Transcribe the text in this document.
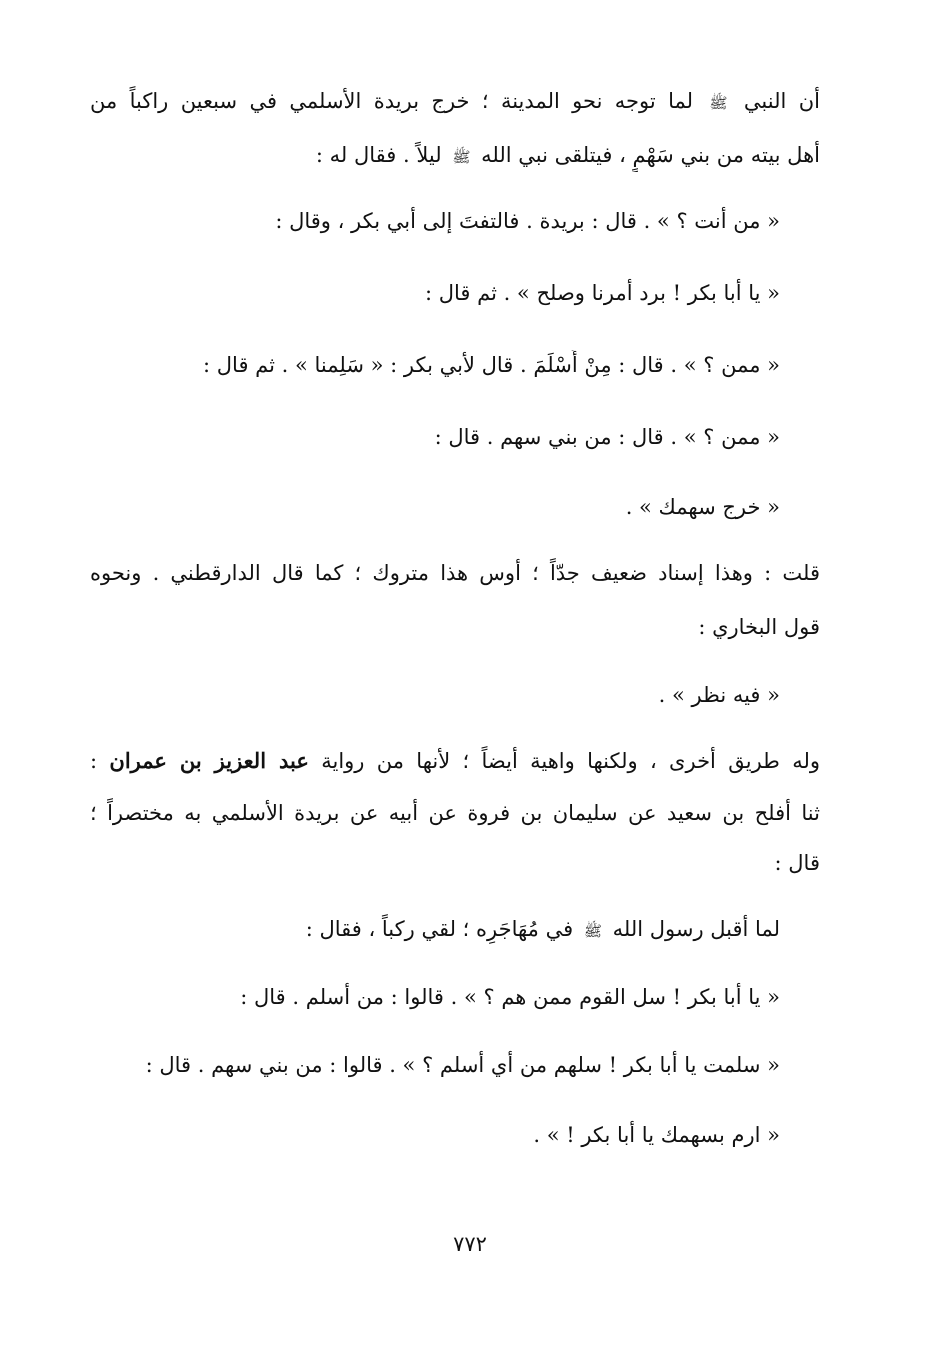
أن النبي ﷺ لما توجه نحو المدينة ؛ خرج بريدة الأسلمي في سبعين راكباً من
أهل بيته من بني سَهْمٍ ، فيتلقى نبي الله ﷺ ليلاً . فقال له :
« من أنت ؟ » . قال : بريدة . فالتفتَ إلى أبي بكر ، وقال :
« يا أبا بكر ! برد أمرنا وصلح » . ثم قال :
« ممن ؟ » . قال : مِنْ أَسْلَمَ . قال لأبي بكر : « سَلِمنا » . ثم قال :
« ممن ؟ » . قال : من بني سهم . قال :
« خرج سهمك » .
قلت : وهذا إسناد ضعيف جدّاً ؛ أوس هذا متروك ؛ كما قال الدارقطني . ونحوه
قول البخاري :
« فيه نظر » .
وله طريق أخرى ، ولكنها واهية أيضاً ؛ لأنها من رواية عبد العزيز بن عمران :
ثنا أفلح بن سعيد عن سليمان بن فروة عن أبيه عن بريدة الأسلمي به مختصراً ؛
قال :
لما أقبل رسول الله ﷺ في مُهَاجَرِه ؛ لقي ركباً ، فقال :
« يا أبا بكر ! سل القوم ممن هم ؟ » . قالوا : من أسلم . قال :
« سلمت يا أبا بكر ! سلهم من أي أسلم ؟ » . قالوا : من بني سهم . قال :
« ارم بسهمك يا أبا بكر ! » .
٧٧٢
